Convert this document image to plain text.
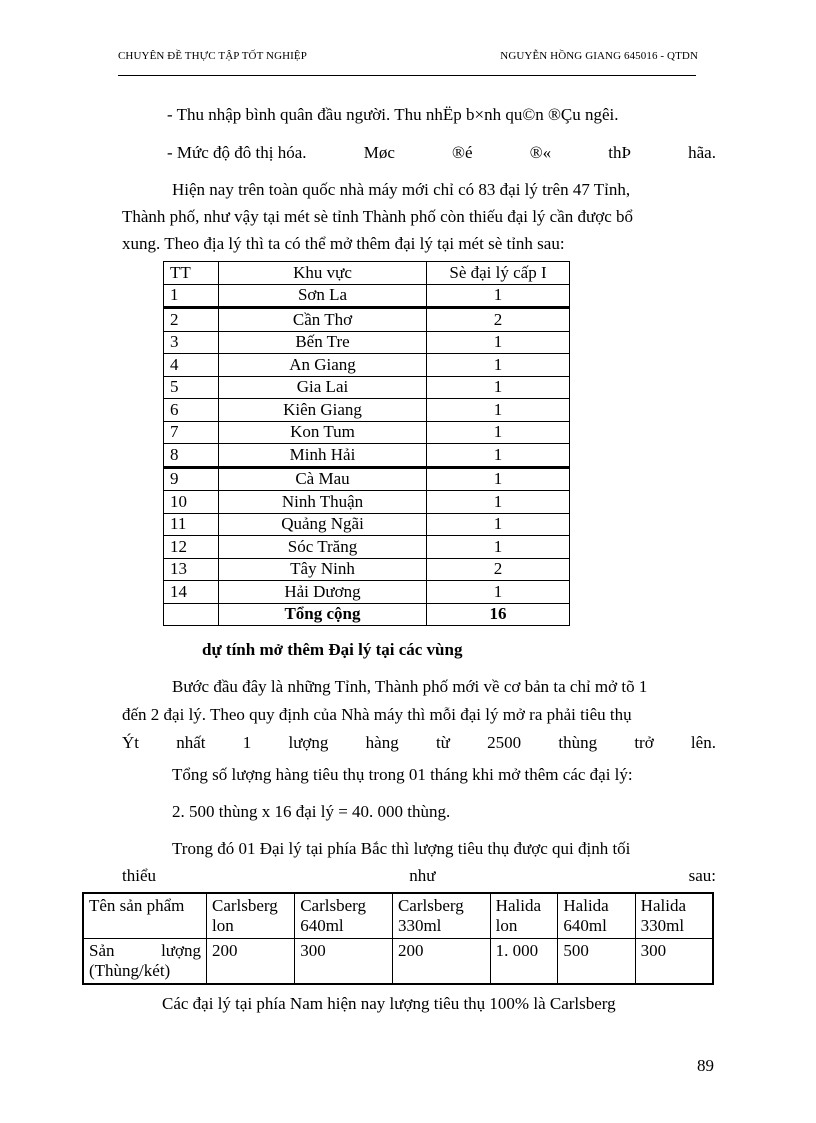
CHUYÊN ĐỀ THỰC TẬP TỐT NGHIỆP	NGUYỄN HỒNG GIANG 645016 - QTDN
- Thu nhập bình quân đầu người. Thu nhËp b×nh qu©n ®Çu ngêi.
- Mức độ đô thị hóa.	Møc	®é	®«	thÞ	hãa.
Hiện nay trên toàn quốc nhà máy mới chỉ có 83 đại lý trên 47 Tỉnh,
Thành phố, như vậy tại mét sè tỉnh Thành phố còn thiếu đại lý cần được bổ
xung. Theo địa lý thì ta có thể mở thêm đại lý tại mét sè tỉnh sau:
TT	Khu vực	Sè đại lý cấp I
1	Sơn La	1
2	Cần Thơ	2
3	Bến Tre	1
4	An Giang	1
5	Gia Lai	1
6	Kiên Giang	1
7	Kon Tum	1
8	Minh Hải	1
9	Cà Mau	1
10	Ninh Thuận	1
11	Quảng Ngãi	1
12	Sóc Trăng	1
13	Tây Ninh	2
14	Hải Dương	1
	Tổng cộng	16
dự tính mở thêm Đại lý tại các vùng
Bước đầu đây là những Tỉnh, Thành phố mới về cơ bản ta chỉ mở tõ 1
đến 2 đại lý. Theo quy định của Nhà máy thì mỗi đại lý mở ra phải tiêu thụ
Ýt nhất 1 lượng hàng từ 2500 thùng trở lên.
Tổng số lượng hàng tiêu thụ trong 01 tháng khi mở thêm các đại lý:
2. 500 thùng x 16 đại lý = 40. 000 thùng.
Trong đó 01 Đại lý tại phía Bắc thì lượng tiêu thụ được qui định tối
thiểu	như	sau:
Tên sản phẩm	Carlsberg lon	Carlsberg 640ml	Carlsberg 330ml	Halida lon	Halida 640ml	Halida 330ml

Sản lượng
(Thùng/két)	200	300	200	1. 000	500	300
Các đại lý tại phía Nam hiện nay lượng tiêu thụ 100% là Carlsberg
89
